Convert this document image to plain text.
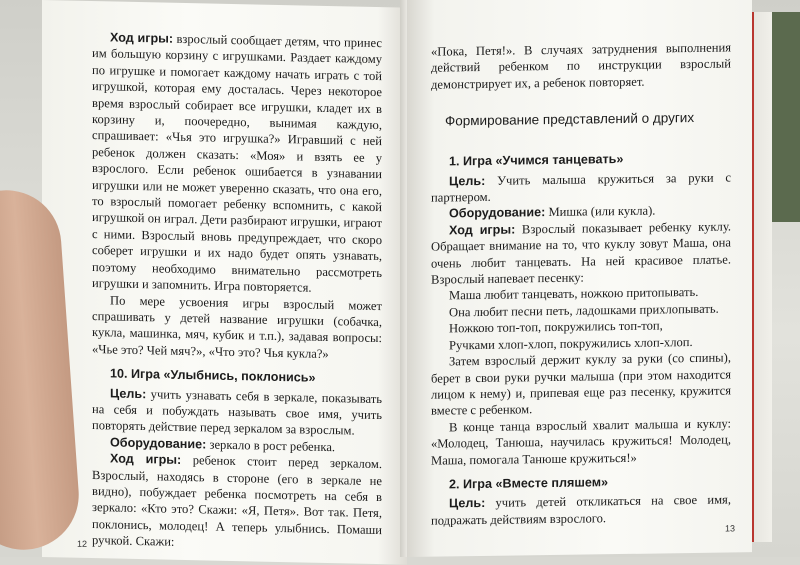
Ход игры: взрослый сообщает детям, что принес им большую корзину с игрушками. Раздает каждому по игрушке и помогает каждому начать играть с той игрушкой, которая ему досталась. Через некоторое время взрослый собирает все игрушки, кладет их в корзину и, поочередно, вынимая каждую, спрашивает: «Чья это игрушка?» Игравший с ней ребенок должен сказать: «Моя» и взять ее у взрослого. Если ребенок ошибается в узнавании игрушки или не может уверенно сказать, что она его, то взрослый помогает ребенку вспомнить, с какой игрушкой он играл. Дети разбирают игрушки, играют с ними. Взрослый вновь предупреждает, что скоро соберет игрушки и их надо будет опять узнавать, поэтому необходимо внимательно рассмотреть игрушки и запомнить. Игра повторяется.

По мере усвоения игры взрослый может спрашивать у детей название игрушки (собачка, кукла, машинка, мяч, кубик и т.п.), задавая вопросы: «Чье это? Чей мяч?», «Что это? Чья кукла?»

10. Игра «Улыбнись, поклонись»

Цель: учить узнавать себя в зеркале, показывать на себя и побуждать называть свое имя, учить повторять действие перед зеркалом за взрослым.

Оборудование: зеркало в рост ребенка.

Ход игры: ребенок стоит перед зеркалом. Взрослый, находясь в стороне (его в зеркале не видно), побуждает ребенка посмотреть на себя в зеркало: «Кто это? Скажи: «Я, Петя». Вот так. Петя, поклонись, молодец! А теперь улыбнись. Помаши ручкой. Скажи:

12

«Пока, Петя!». В случаях затруднения выполнения действий ребенком по инструкции взрослый демонстрирует их, а ребенок повторяет.

Формирование представлений о других
1. Игра «Учимся танцевать»

Цель: Учить малыша кружиться за руки с партнером.

Оборудование: Мишка (или кукла).

Ход игры: Взрослый показывает ребенку куклу. Обращает внимание на то, что куклу зовут Маша, она очень любит танцевать. На ней красивое платье. Взрослый напевает песенку:

Маша любит танцевать, ножкою притопывать.

Она любит песни петь, ладошками прихлопывать.

Ножкою топ-топ, покружились топ-топ,

Ручками хлоп-хлоп, покружились хлоп-хлоп.

Затем взрослый держит куклу за руки (со спины), берет в свои руки ручки малыша (при этом находится лицом к нему) и, припевая еще раз песенку, кружится вместе с ребенком.

В конце танца взрослый хвалит малыша и куклу: «Молодец, Танюша, научилась кружиться! Молодец, Маша, помогала Танюше кружиться!»

2. Игра «Вместе пляшем»

Цель: учить детей откликаться на свое имя, подражать действиям взрослого.

13
